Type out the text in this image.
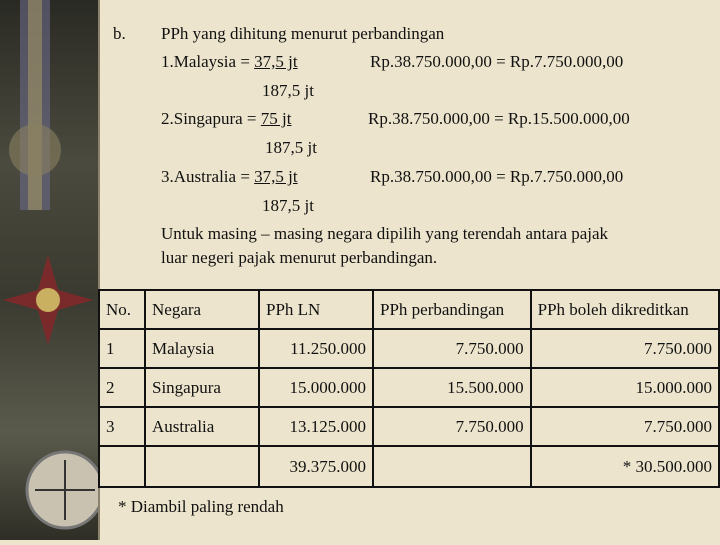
b. PPh yang dihitung menurut perbandingan
1.Malaysia = 37,5 jt	Rp.38.750.000,00 = Rp.7.750.000,00
187,5 jt
2.Singapura = 75 jt	Rp.38.750.000,00 = Rp.15.500.000,00
187,5 jt
3.Australia = 37,5 jt	Rp.38.750.000,00 = Rp.7.750.000,00
187,5 jt
Untuk masing – masing negara dipilih yang terendah antara pajak
luar negeri pajak menurut perbandingan.
No.	Negara	PPh LN	PPh perbandingan	PPh boleh dikreditkan
1	Malaysia	11.250.000	7.750.000	7.750.000
2	Singapura	15.000.000	15.500.000	15.000.000
3	Australia	13.125.000	7.750.000	7.750.000
		39.375.000		* 30.500.000
* Diambil paling rendah
